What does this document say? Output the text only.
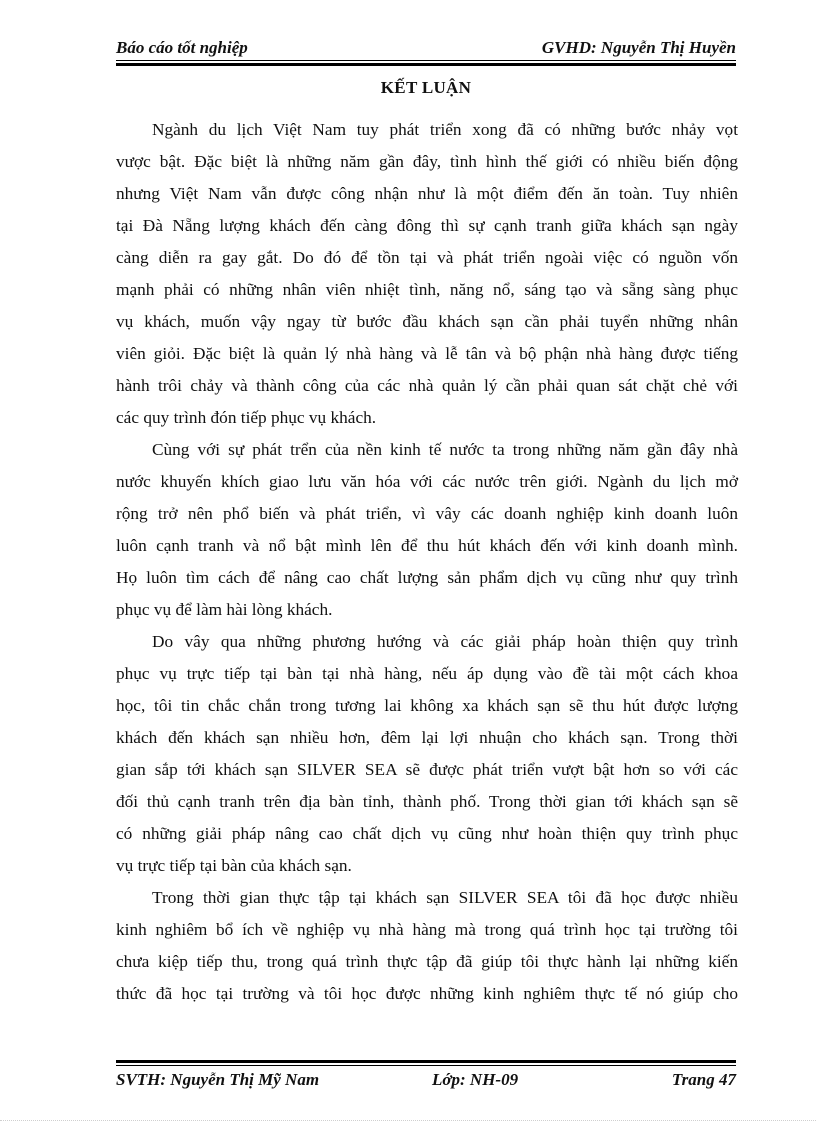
Báo cáo tốt nghiệp	GVHD: Nguyễn Thị Huyền
KẾT LUẬN
Ngành du lịch Việt Nam tuy phát triển xong đã có những bước nhảy vọt
vược bật. Đặc biệt là những năm gần đây, tình hình thế giới có nhiều biến động
nhưng Việt Nam vẫn được công nhận như là một điểm đến ăn toàn. Tuy nhiên
tại Đà Nẵng lượng khách đến càng đông thì sự cạnh tranh giữa khách sạn ngày
càng diễn ra gay gắt. Do đó để tồn tại và phát triển ngoài việc có nguồn vốn
mạnh phải có những nhân viên nhiệt tình, năng nổ, sáng tạo và sẵng sàng phục
vụ khách, muốn vậy ngay từ bước đầu khách sạn cần phải tuyển những nhân
viên giỏi. Đặc biệt là quản lý nhà hàng và lễ tân và bộ phận nhà hàng được tiếng
hành trôi chảy và thành công của các nhà quản lý cần phải quan sát chặt chẻ với
các quy trình đón tiếp phục vụ khách.
Cùng với sự phát trển của nền kinh tế nước ta trong những năm gần đây nhà
nước khuyến khích giao lưu văn hóa với các nước trên giới. Ngành du lịch mở
rộng trở nên phổ biến và phát triển, vì vây các doanh nghiệp kinh doanh luôn
luôn cạnh tranh và nổ bật mình lên để thu hút khách đến với kinh doanh mình.
Họ luôn tìm cách để nâng cao chất lượng sản phẩm dịch vụ cũng như quy trình
phục vụ để làm hài lòng khách.
Do vây qua những phương hướng và các giải pháp hoàn thiện quy trình
phục vụ trực tiếp tại bàn tại nhà hàng, nếu áp dụng vào đề tài một cách khoa
học, tôi tin chắc chắn trong tương lai không xa khách sạn sẽ thu hút được lượng
khách đến khách sạn nhiều hơn, đêm lại lợi nhuận cho khách sạn. Trong thời
gian sắp tới khách sạn SILVER SEA sẽ được phát triển vượt bật hơn so với các
đối thủ cạnh tranh trên địa bàn tỉnh, thành phố. Trong thời gian tới khách sạn sẽ
có những giải pháp nâng cao chất dịch vụ cũng như hoàn thiện quy trình phục
vụ trực tiếp tại bàn của khách sạn.
Trong thời gian thực tập tại khách sạn SILVER SEA tôi đã học được nhiều
kinh nghiêm bổ ích về nghiệp vụ nhà hàng mà trong quá trình học tại trường tôi
chưa kiệp tiếp thu, trong quá trình thực tập đã giúp tôi thực hành lại những kiến
thức đã học tại trường và tôi học được những kinh nghiêm thực tế nó giúp cho
SVTH: Nguyễn Thị Mỹ Nam	Lớp: NH-09	Trang 47
